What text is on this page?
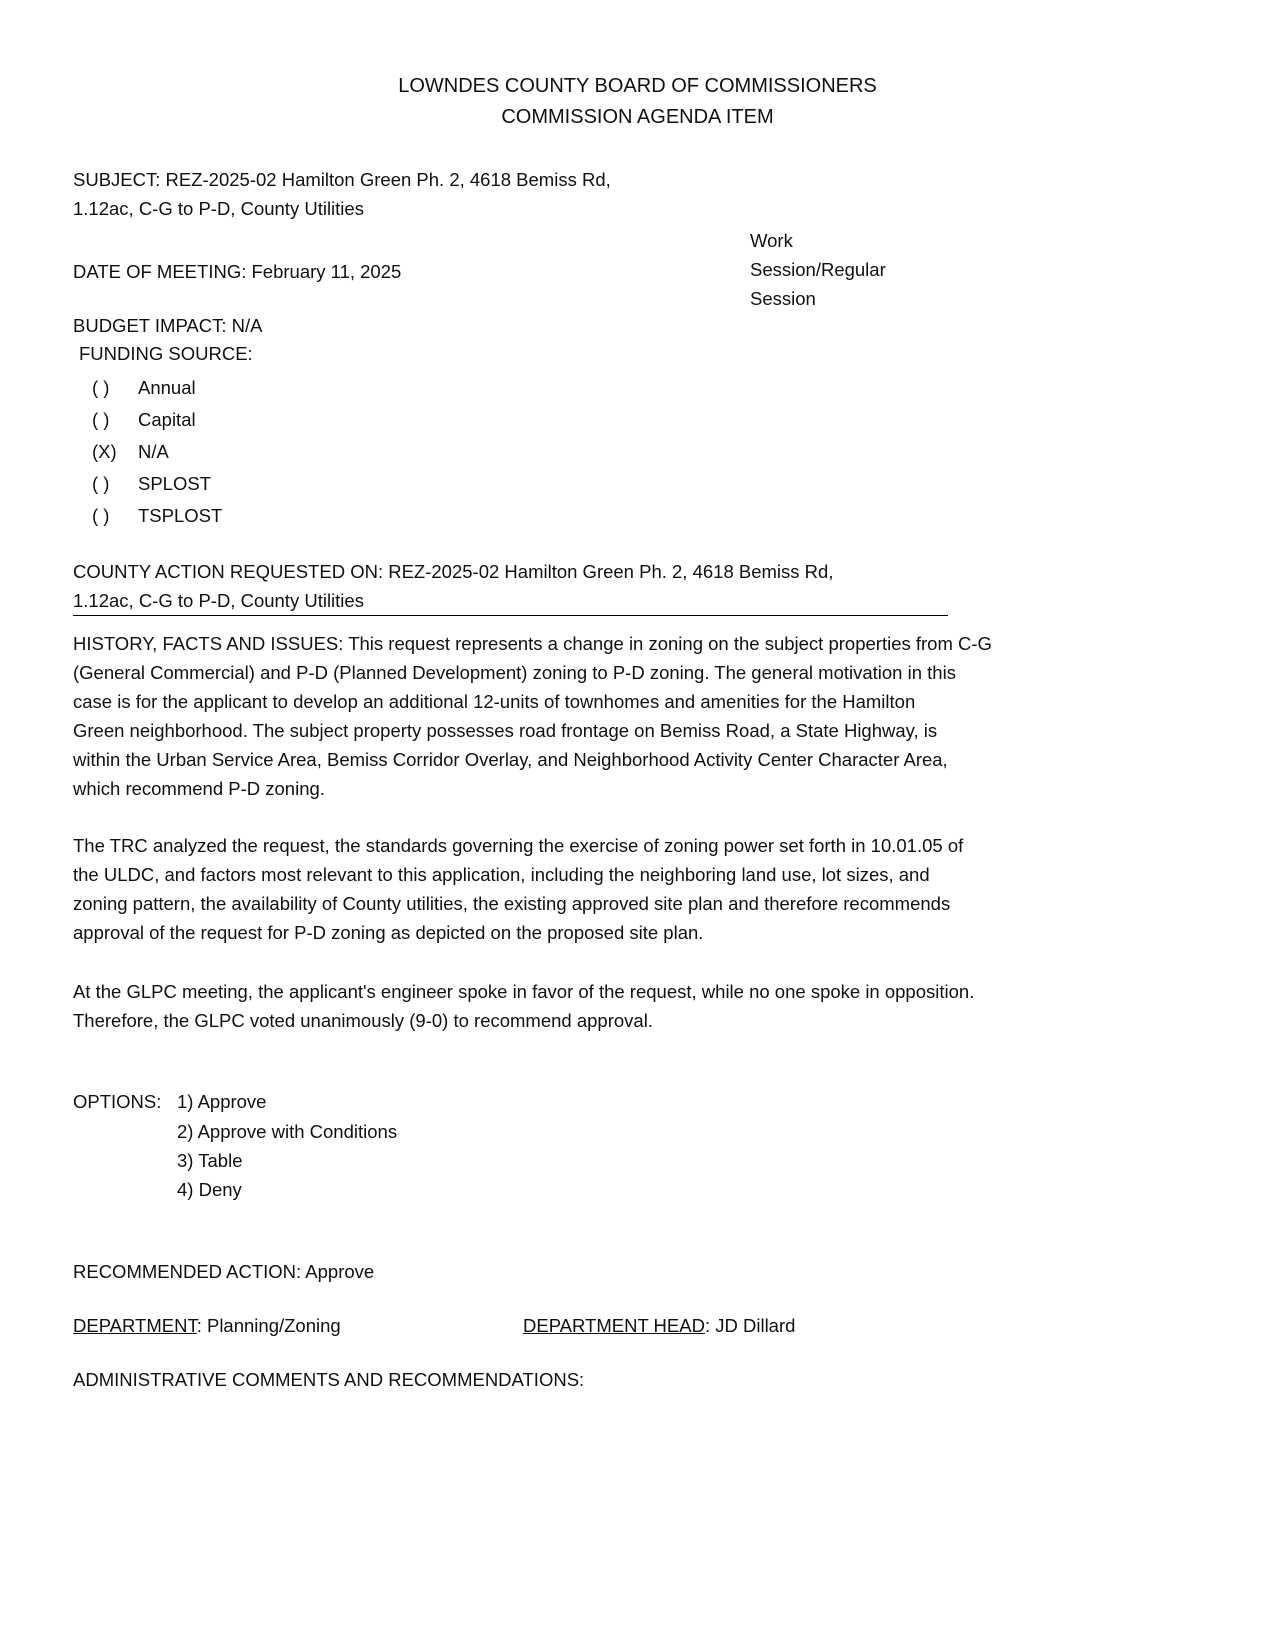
LOWNDES COUNTY BOARD OF COMMISSIONERS
COMMISSION AGENDA ITEM
SUBJECT: REZ-2025-02 Hamilton Green Ph. 2, 4618 Bemiss Rd,
1.12ac, C-G to P-D, County Utilities
Work
Session/Regular
Session
DATE OF MEETING: February 11, 2025
BUDGET IMPACT: N/A
FUNDING SOURCE:
( ) Annual
( ) Capital
(X) N/A
( ) SPLOST
( ) TSPLOST
COUNTY ACTION REQUESTED ON: REZ-2025-02 Hamilton Green Ph. 2, 4618 Bemiss Rd,
1.12ac, C-G to P-D, County Utilities
HISTORY, FACTS AND ISSUES: This request represents a change in zoning on the subject properties from C-G
(General Commercial) and P-D (Planned Development) zoning to P-D zoning. The general motivation in this
case is for the applicant to develop an additional 12-units of townhomes and amenities for the Hamilton
Green neighborhood. The subject property possesses road frontage on Bemiss Road, a State Highway, is
within the Urban Service Area, Bemiss Corridor Overlay, and Neighborhood Activity Center Character Area,
which recommend P-D zoning.
The TRC analyzed the request, the standards governing the exercise of zoning power set forth in 10.01.05 of
the ULDC, and factors most relevant to this application, including the neighboring land use, lot sizes, and
zoning pattern, the availability of County utilities, the existing approved site plan and therefore recommends
approval of the request for P-D zoning as depicted on the proposed site plan.
At the GLPC meeting, the applicant's engineer spoke in favor of the request, while no one spoke in opposition.
Therefore, the GLPC voted unanimously (9-0) to recommend approval.
OPTIONS: 1) Approve
2) Approve with Conditions
3) Table
4) Deny
RECOMMENDED ACTION: Approve
DEPARTMENT: Planning/Zoning	DEPARTMENT HEAD: JD Dillard
ADMINISTRATIVE COMMENTS AND RECOMMENDATIONS:
